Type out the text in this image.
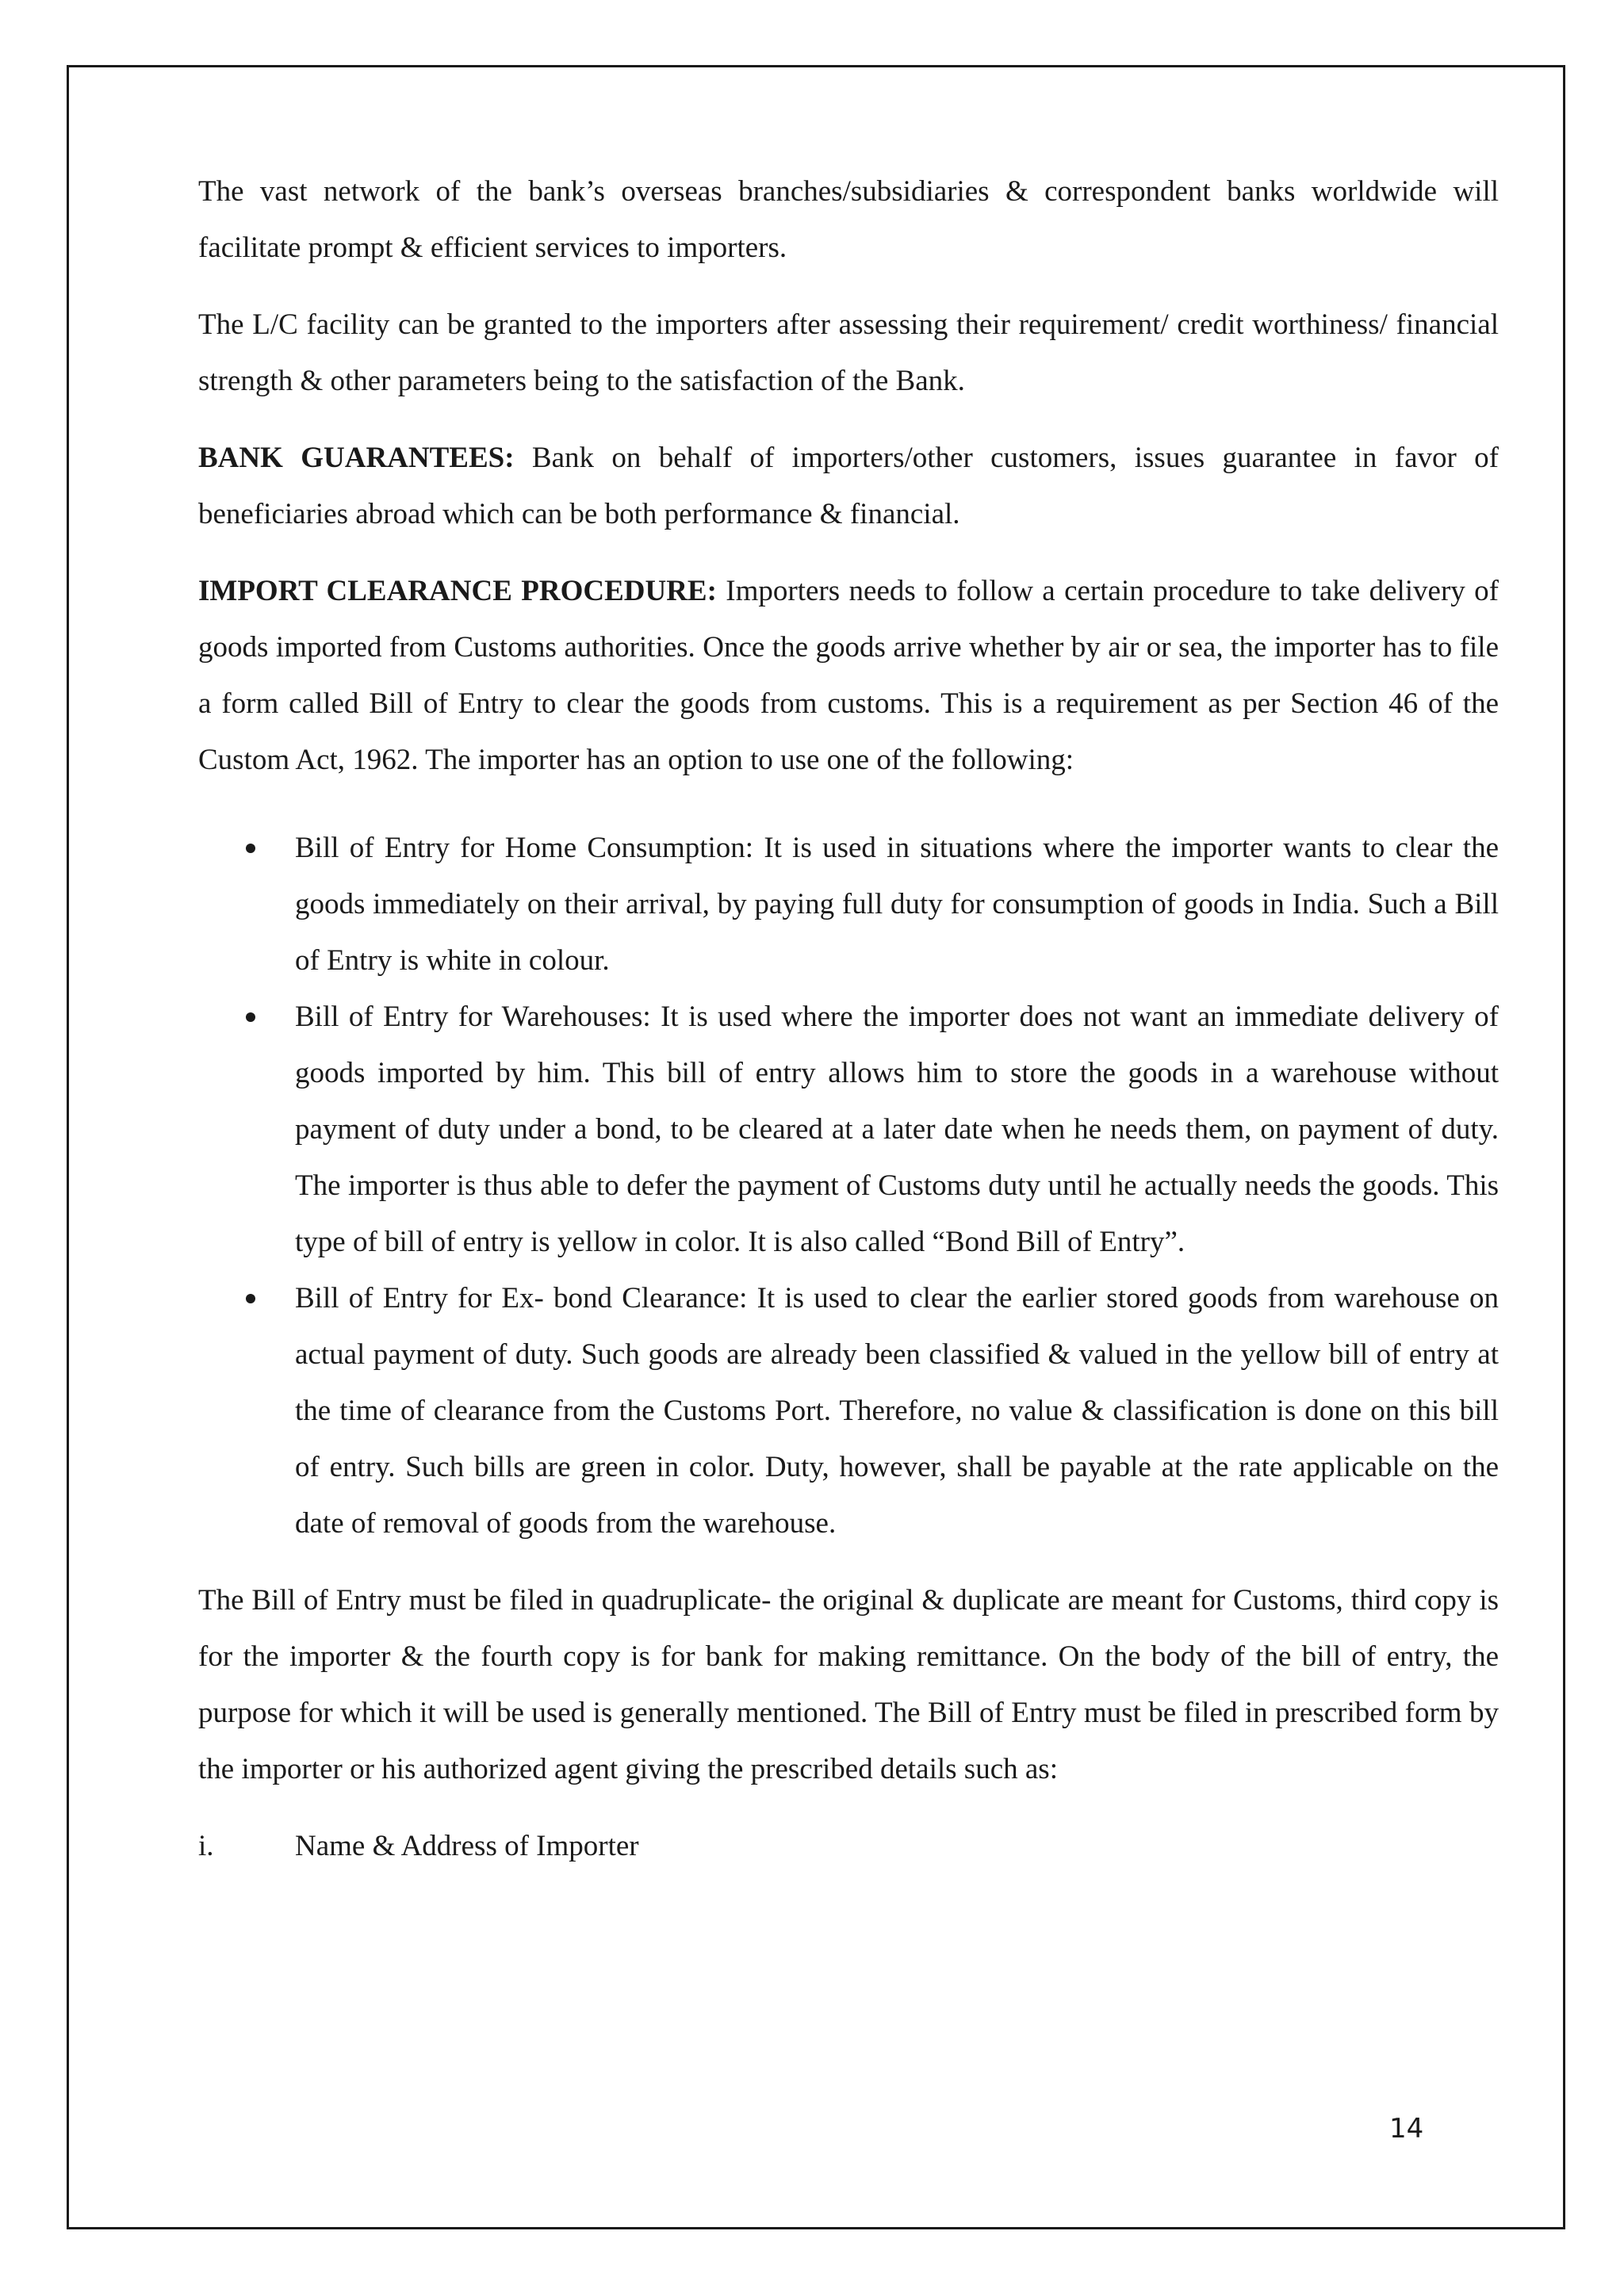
The vast network of the bank’s overseas branches/subsidiaries & correspondent banks worldwide will facilitate prompt & efficient services to importers.

The L/C facility can be granted to the importers after assessing their requirement/ credit worthiness/ financial strength & other parameters being to the satisfaction of the Bank.

BANK GUARANTEES: Bank on behalf of importers/other customers, issues guarantee in favor of beneficiaries abroad which can be both performance & financial.

IMPORT CLEARANCE PROCEDURE: Importers needs to follow a certain procedure to take delivery of goods imported from Customs authorities. Once the goods arrive whether by air or sea, the importer has to file a form called Bill of Entry to clear the goods from customs. This is a requirement as per Section 46 of the Custom Act, 1962. The importer has an option to use one of the following:

Bill of Entry for Home Consumption: It is used in situations where the importer wants to clear the goods immediately on their arrival, by paying full duty for consumption of goods in India. Such a Bill of Entry is white in colour.
Bill of Entry for Warehouses: It is used where the importer does not want an immediate delivery of goods imported by him. This bill of entry allows him to store the goods in a warehouse without payment of duty under a bond, to be cleared at a later date when he needs them, on payment of duty. The importer is thus able to defer the payment of Customs duty until he actually needs the goods. This type of bill of entry is yellow in color. It is also called “Bond Bill of Entry”.
Bill of Entry for Ex- bond Clearance: It is used to clear the earlier stored goods from warehouse on actual payment of duty. Such goods are already been classified & valued in the yellow bill of entry at the time of clearance from the Customs Port. Therefore, no value & classification is done on this bill of entry. Such bills are green in color. Duty, however, shall be payable at the rate applicable on the date of removal of goods from the warehouse.

The Bill of Entry must be filed in quadruplicate- the original & duplicate are meant for Customs, third copy is for the importer & the fourth copy is for bank for making remittance. On the body of the bill of entry, the purpose for which it will be used is generally mentioned. The Bill of Entry must be filed in prescribed form by the importer or his authorized agent giving the prescribed details such as:

i.	Name & Address of Importer
14
